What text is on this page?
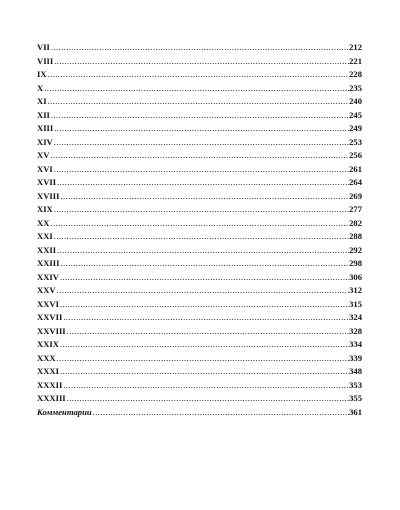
VII .....	212
VIII .....	221
IX .....	228
X .....	235
XI .....	240
XII .....	245
XIII .....	249
XIV .....	253
XV .....	256
XVI .....	261
XVII .....	264
XVIII .....	269
XIX .....	277
XX .....	282
XXI .....	288
XXII .....	292
XXIII .....	298
XXIV .....	306
XXV .....	312
XXVI .....	315
XXVII .....	324
XXVIII .....	328
XXIX .....	334
XXX .....	339
XXXI .....	348
XXXII .....	353
XXXIII .....	355
Комментарии .....	361
